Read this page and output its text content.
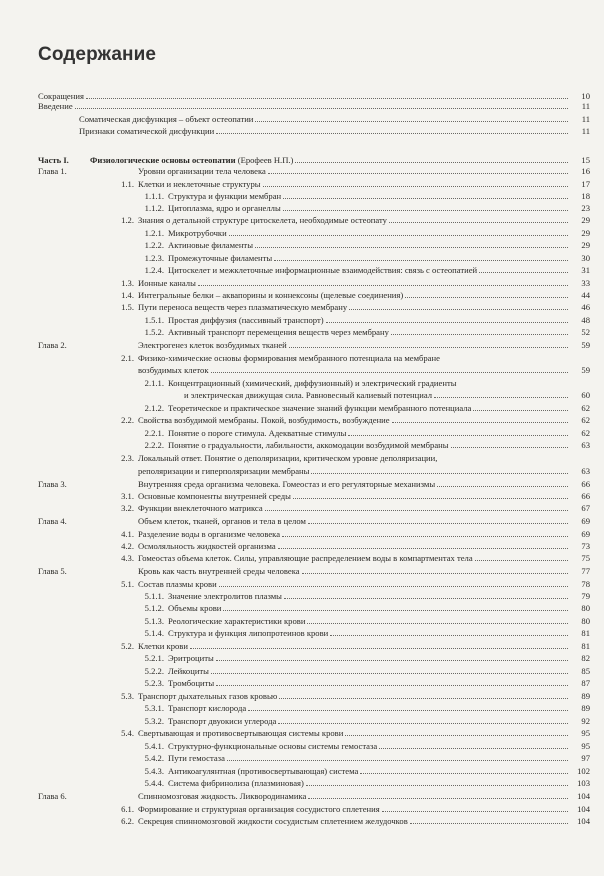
Содержание
Сокращения	10
Введение	11
Соматическая дисфункция – объект остеопатии	11
Признаки соматической дисфункции	11
Часть I. Физиологические основы остеопатии (Ерофеев Н.П.)	15
Глава 1.	Уровни организации тела человека	16
1.1. Клетки и неклеточные структуры	17
1.1.1. Структура и функции мембран	18
1.1.2. Цитоплазма, ядро и органеллы	23
1.2. Знания о детальной структуре цитоскелета, необходимые остеопату	29
1.2.1. Микротрубочки	29
1.2.2. Актиновые филаменты	29
1.2.3. Промежуточные филаменты	30
1.2.4. Цитоскелет и межклеточные информационные взаимодействия: связь с остеопатией	31
1.3. Ионные каналы	33
1.4. Интегральные белки – аквапорины и коннексоны (щелевые соединения)	44
1.5. Пути переноса веществ через плазматическую мембрану	46
1.5.1. Простая диффузия (пассивный транспорт)	48
1.5.2. Активный транспорт перемещения веществ через мембрану	52
Глава 2.	Электрогенез клеток возбудимых тканей	59
2.1. Физико-химические основы формирования мембранного потенциала на мембране
возбудимых клеток	59
2.1.1. Концентрационный (химический, диффузионный) и электрический градиенты
и электрическая движущая сила. Равновесный калиевый потенциал	60
2.1.2. Теоретическое и практическое значение знаний функции мембранного потенциала	62
2.2. Свойства возбудимой мембраны. Покой, возбудимость, возбуждение	62
2.2.1. Понятие о пороге стимула. Адекватные стимулы	62
2.2.2. Понятие о градуальности, лабильности, аккомодации возбудимой мембраны	63
2.3. Локальный ответ. Понятие о деполяризации, критическом уровне деполяризации,
реполяризации и гиперполяризации мембраны	63
Глава 3.	Внутренняя среда организма человека. Гомеостаз и его регуляторные механизмы	66
3.1. Основные компоненты внутренней среды	66
3.2. Функции внеклеточного матрикса	67
Глава 4.	Объем клеток, тканей, органов и тела в целом	69
4.1. Разделение воды в организме человека	69
4.2. Осмоляльность жидкостей организма	73
4.3. Гомеостаз объема клеток. Силы, управляющие распределением воды в компартментах тела	75
Глава 5.	Кровь как часть внутренней среды человека	77
5.1. Состав плазмы крови	78
5.1.1. Значение электролитов плазмы	79
5.1.2. Объемы крови	80
5.1.3. Реологические характеристики крови	80
5.1.4. Структура и функция липопротеинов крови	81
5.2. Клетки крови	81
5.2.1. Эритроциты	82
5.2.2. Лейкоциты	85
5.2.3. Тромбоциты	87
5.3. Транспорт дыхательных газов кровью	89
5.3.1. Транспорт кислорода	89
5.3.2. Транспорт двуокиси углерода	92
5.4. Свертывающая и противосвертывающая системы крови	95
5.4.1. Структурно-функциональные основы системы гемостаза	95
5.4.2. Пути гемостаза	97
5.4.3. Антикоагулянтная (противосвертывающая) система	102
5.4.4. Система фибринолиза (плазминовая)	103
Глава 6.	Спинномозговая жидкость. Ликвородинамика	104
6.1. Формирование и структурная организация сосудистого сплетения	104
6.2. Секреция спинномозговой жидкости сосудистым сплетением желудочков	104
